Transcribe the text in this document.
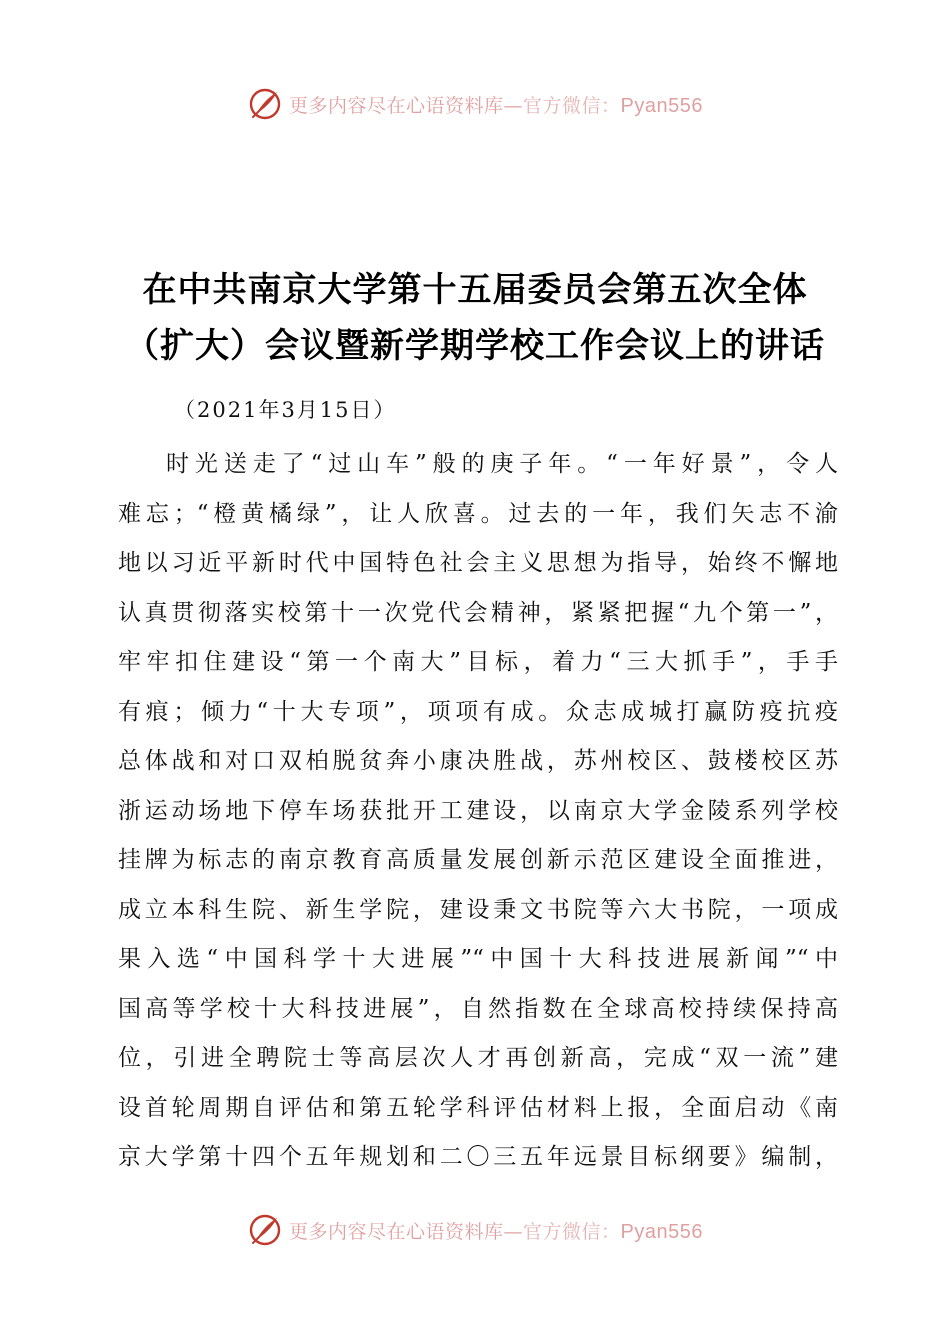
更多内容尽在心语资料库—官方微信：Pyan556
在中共南京大学第十五届委员会第五次全体
（扩大）会议暨新学期学校工作会议上的讲话
（2021年3月15日）
时光送走了“过山车”般的庚子年。“一年好景”，令人
难忘；“橙黄橘绿”，让人欣喜。过去的一年，我们矢志不渝
地以习近平新时代中国特色社会主义思想为指导，始终不懈地
认真贯彻落实校第十一次党代会精神，紧紧把握“九个第一”，
牢牢扣住建设“第一个南大”目标，着力“三大抓手”，手手
有痕；倾力“十大专项”，项项有成。众志成城打赢防疫抗疫
总体战和对口双柏脱贫奔小康决胜战，苏州校区、鼓楼校区苏
浙运动场地下停车场获批开工建设，以南京大学金陵系列学校
挂牌为标志的南京教育高质量发展创新示范区建设全面推进，
成立本科生院、新生学院，建设秉文书院等六大书院，一项成
果入选“中国科学十大进展”“中国十大科技进展新闻”“中
国高等学校十大科技进展”，自然指数在全球高校持续保持高
位，引进全聘院士等高层次人才再创新高，完成“双一流”建
设首轮周期自评估和第五轮学科评估材料上报，全面启动《南
京大学第十四个五年规划和二〇三五年远景目标纲要》编制，
更多内容尽在心语资料库—官方微信：Pyan556
